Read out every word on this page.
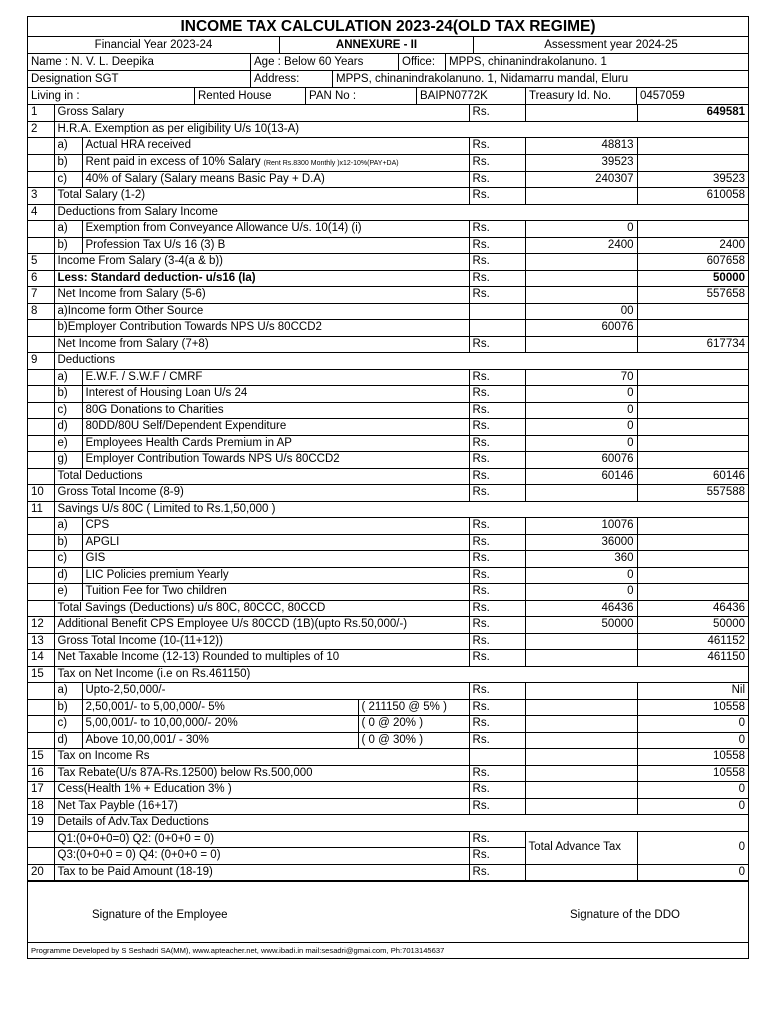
INCOME TAX CALCULATION 2023-24(OLD TAX REGIME)
Financial Year 2023-24	ANNEXURE - II	Assessment year 2024-25
Name : N. V. L. Deepika	Age : Below 60 Years	Office:	MPPS, chinanindrakolanuno. 1
Designation SGT	Address:	MPPS, chinanindrakolanuno. 1, Nidamarru mandal, Eluru
Living in :	Rented House	PAN No :	BAIPN0772K	Treasury Id. No.	0457059
1	Gross Salary			Rs.		649581
2	H.R.A. Exemption as per eligibility U/s 10(13-A)					
	a)	Actual HRA received		Rs.	48813	
	b)	Rent paid in excess of 10% Salary (Rent Rs.8300 Monthly )x12-10%(PAY+DA)		Rs.	39523	
	c)	40% of Salary (Salary means Basic Pay + D.A)		Rs.	240307	39523
3	Total Salary (1-2)			Rs.		610058
4	Deductions from Salary Income					
	a)	Exemption from Conveyance Allowance U/s. 10(14) (i)		Rs.	0	
	b)	Profession Tax U/s 16 (3) B		Rs.	2400	2400
5	Income From Salary (3-4(a & b))			Rs.		607658
6	Less: Standard deduction- u/s16 (Ia)			Rs.		50000
7	Net Income from Salary (5-6)			Rs.		557658
8	a)Income form Other Source				00	
	b)Employer Contribution Towards NPS U/s 80CCD2				60076	
	Net Income from Salary (7+8)			Rs.		617734
9	Deductions					
	a)	E.W.F. / S.W.F / CMRF		Rs.	70	
	b)	Interest of Housing Loan U/s 24		Rs.	0	
	c)	80G Donations to Charities		Rs.	0	
	d)	80DD/80U Self/Dependent Expenditure		Rs.	0	
	e)	Employees Health Cards Premium in AP		Rs.	0	
	g)	Employer Contribution Towards NPS U/s 80CCD2		Rs.	60076	
	Total Deductions			Rs.	60146	60146
10	Gross Total Income (8-9)			Rs.		557588
11	Savings U/s 80C ( Limited to Rs.1,50,000 )					
	a)	CPS		Rs.	10076	
	b)	APGLI		Rs.	36000	
	c)	GIS		Rs.	360	
	d)	LIC Policies premium Yearly		Rs.	0	
	e)	Tuition Fee for Two children		Rs.	0	
	Total Savings (Deductions) u/s 80C, 80CCC, 80CCD			Rs.	46436	46436
12	Additional Benefit CPS Employee U/s 80CCD (1B)(upto Rs.50,000/-)			Rs.	50000	50000
13	Gross Total Income (10-(11+12))			Rs.		461152
14	Net Taxable Income (12-13) Rounded to multiples of 10			Rs.		461150
15	Tax on Net Income (i.e on Rs.461150)					
	a)	Upto-2,50,000/-		Rs.		Nil
	b)	2,50,001/- to 5,00,000/- 5%	( 211150 @ 5% )	Rs.		10558
	c)	5,00,001/- to 10,00,000/- 20%	( 0 @ 20% )	Rs.		0
	d)	Above 10,00,001/ - 30%	( 0 @ 30% )	Rs.		0
15	Tax on Income Rs					10558
16	Tax Rebate(U/s 87A-Rs.12500) below Rs.500,000			Rs.		10558
17	Cess(Health 1% + Education 3% )			Rs.		0
18	Net Tax Payble (16+17)			Rs.		0
19	Details of Adv.Tax Deductions					
	Q1:(0+0+0=0) Q2: (0+0+0 = 0)			Rs.	Total Advance Tax	0
	Q3:(0+0+0 = 0) Q4: (0+0+0 = 0)			Rs.		
20	Tax to be Paid Amount (18-19)			Rs.		0
Signature of the Employee	Signature of the DDO
Programme Developed by S Seshadri SA(MM), www.apteacher.net, www.ibadi.in mail:sesadri@gmai.com, Ph:7013145637
